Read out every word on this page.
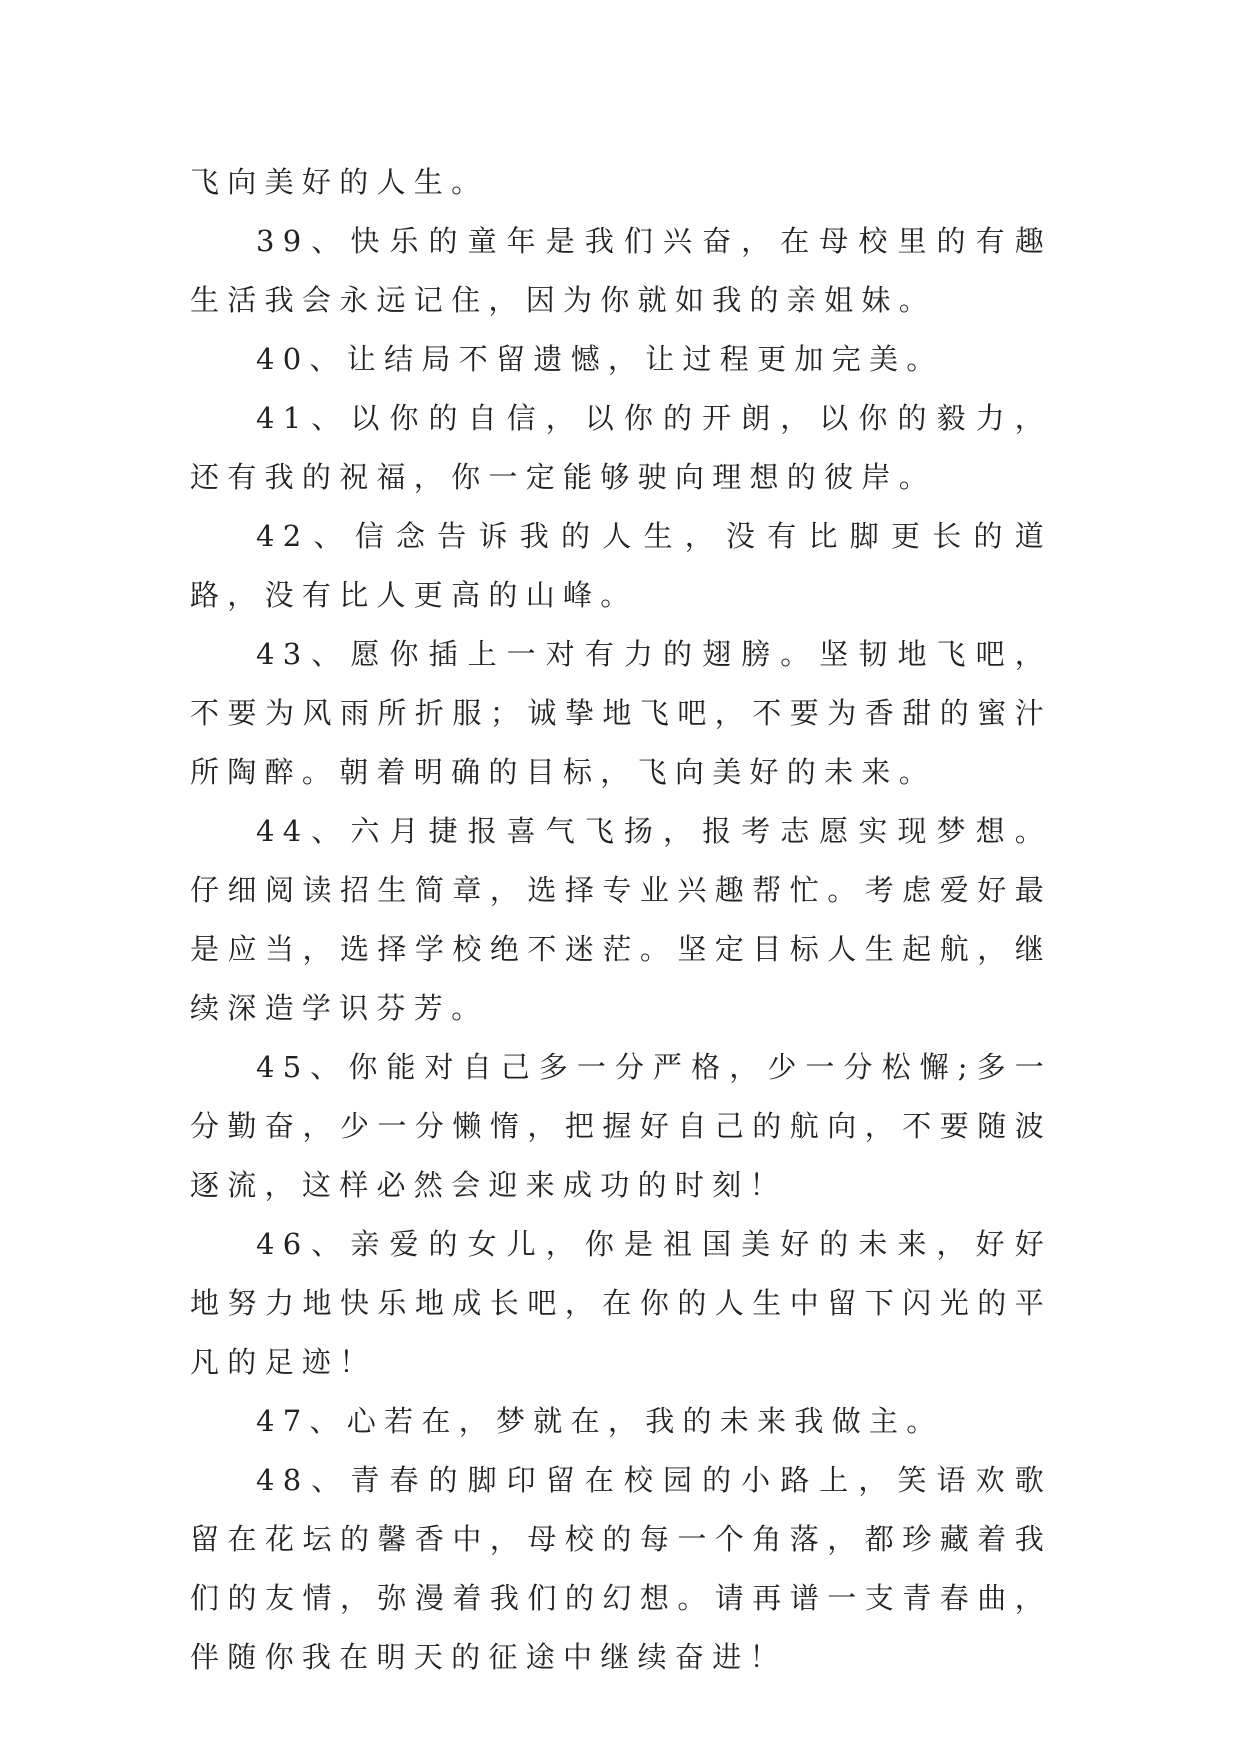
飞向美好的人生。

39、快乐的童年是我们兴奋，在母校里的有趣生活我会永远记住，因为你就如我的亲姐妹。

40、让结局不留遗憾，让过程更加完美。

41、以你的自信，以你的开朗，以你的毅力，还有我的祝福，你一定能够驶向理想的彼岸。

42、信念告诉我的人生，没有比脚更长的道路，没有比人更高的山峰。

43、愿你插上一对有力的翅膀。坚韧地飞吧，不要为风雨所折服；诚挚地飞吧，不要为香甜的蜜汁所陶醉。朝着明确的目标，飞向美好的未来。

44、六月捷报喜气飞扬，报考志愿实现梦想。仔细阅读招生简章，选择专业兴趣帮忙。考虑爱好最是应当，选择学校绝不迷茫。坚定目标人生起航，继续深造学识芬芳。

45、你能对自己多一分严格，少一分松懈;多一分勤奋，少一分懒惰，把握好自己的航向，不要随波逐流，这样必然会迎来成功的时刻！

46、亲爱的女儿，你是祖国美好的未来，好好地努力地快乐地成长吧，在你的人生中留下闪光的平凡的足迹！

47、心若在，梦就在，我的未来我做主。

48、青春的脚印留在校园的小路上，笑语欢歌留在花坛的馨香中，母校的每一个角落，都珍藏着我们的友情，弥漫着我们的幻想。请再谱一支青春曲，伴随你我在明天的征途中继续奋进！
